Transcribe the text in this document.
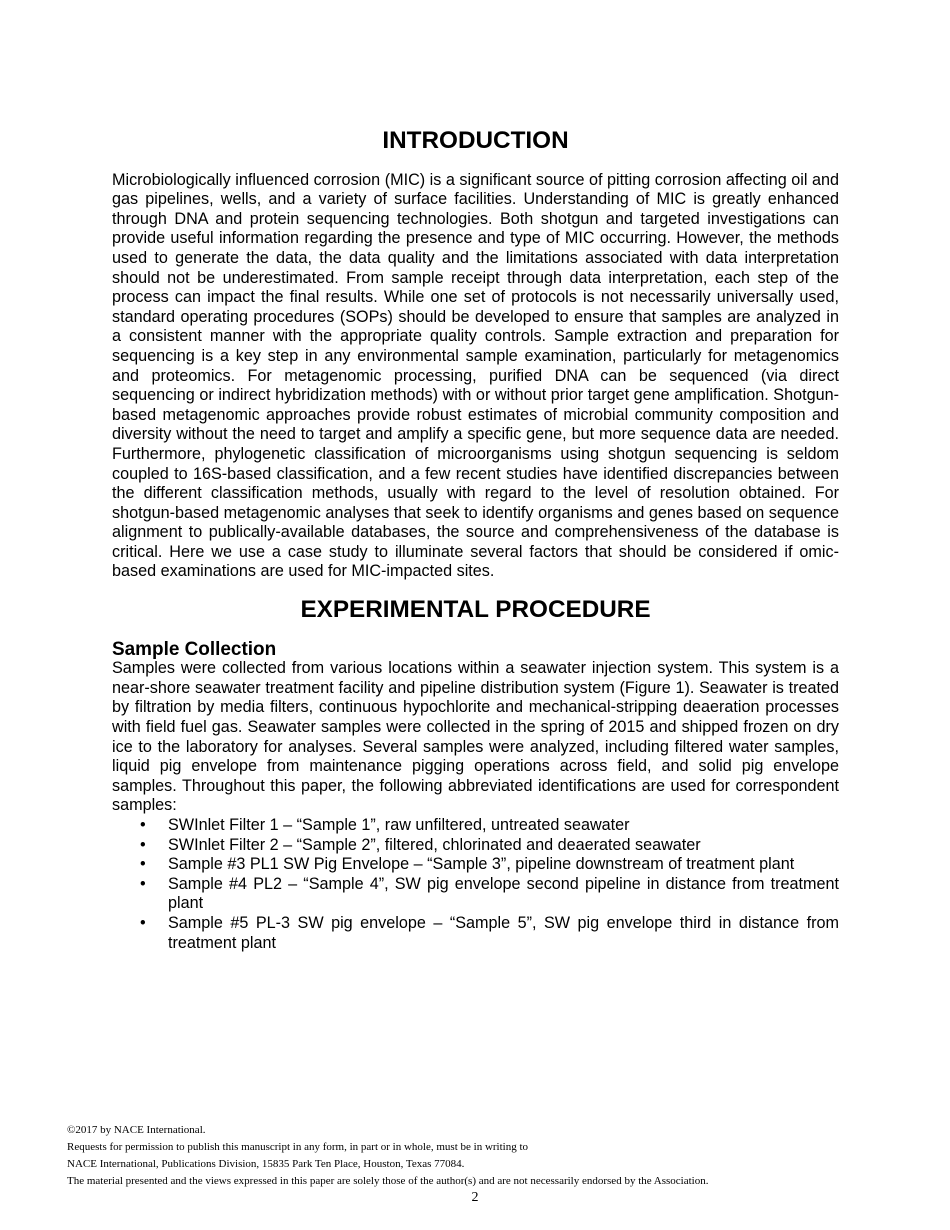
INTRODUCTION

Microbiologically influenced corrosion (MIC) is a significant source of pitting corrosion affecting oil and gas pipelines, wells, and a variety of surface facilities. Understanding of MIC is greatly enhanced through DNA and protein sequencing technologies. Both shotgun and targeted investigations can provide useful information regarding the presence and type of MIC occurring. However, the methods used to generate the data, the data quality and the limitations associated with data interpretation should not be underestimated. From sample receipt through data interpretation, each step of the process can impact the final results. While one set of protocols is not necessarily universally used, standard operating procedures (SOPs) should be developed to ensure that samples are analyzed in a consistent manner with the appropriate quality controls. Sample extraction and preparation for sequencing is a key step in any environmental sample examination, particularly for metagenomics and proteomics. For metagenomic processing, purified DNA can be sequenced (via direct sequencing or indirect hybridization methods) with or without prior target gene amplification. Shotgun-based metagenomic approaches provide robust estimates of microbial community composition and diversity without the need to target and amplify a specific gene, but more sequence data are needed. Furthermore, phylogenetic classification of microorganisms using shotgun sequencing is seldom coupled to 16S-based classification, and a few recent studies have identified discrepancies between the different classification methods, usually with regard to the level of resolution obtained. For shotgun-based metagenomic analyses that seek to identify organisms and genes based on sequence alignment to publically-available databases, the source and comprehensiveness of the database is critical. Here we use a case study to illuminate several factors that should be considered if omic-based examinations are used for MIC-impacted sites.

EXPERIMENTAL PROCEDURE
Sample Collection

Samples were collected from various locations within a seawater injection system. This system is a near-shore seawater treatment facility and pipeline distribution system (Figure 1). Seawater is treated by filtration by media filters, continuous hypochlorite and mechanical-stripping deaeration processes with field fuel gas. Seawater samples were collected in the spring of 2015 and shipped frozen on dry ice to the laboratory for analyses. Several samples were analyzed, including filtered water samples, liquid pig envelope from maintenance pigging operations across field, and solid pig envelope samples. Throughout this paper, the following abbreviated identifications are used for correspondent samples:

• SWInlet Filter 1 – “Sample 1”, raw unfiltered, untreated seawater
• SWInlet Filter 2 – “Sample 2”, filtered, chlorinated and deaerated seawater
• Sample #3 PL1 SW Pig Envelope – “Sample 3”, pipeline downstream of treatment plant
• Sample #4 PL2 – “Sample 4”, SW pig envelope second pipeline in distance from treatment plant
• Sample #5 PL-3 SW pig envelope – “Sample 5”, SW pig envelope third in distance from treatment plant

©2017 by NACE International.

Requests for permission to publish this manuscript in any form, in part or in whole, must be in writing to

NACE International, Publications Division, 15835 Park Ten Place, Houston, Texas 77084.

The material presented and the views expressed in this paper are solely those of the author(s) and are not necessarily endorsed by the Association.

2
